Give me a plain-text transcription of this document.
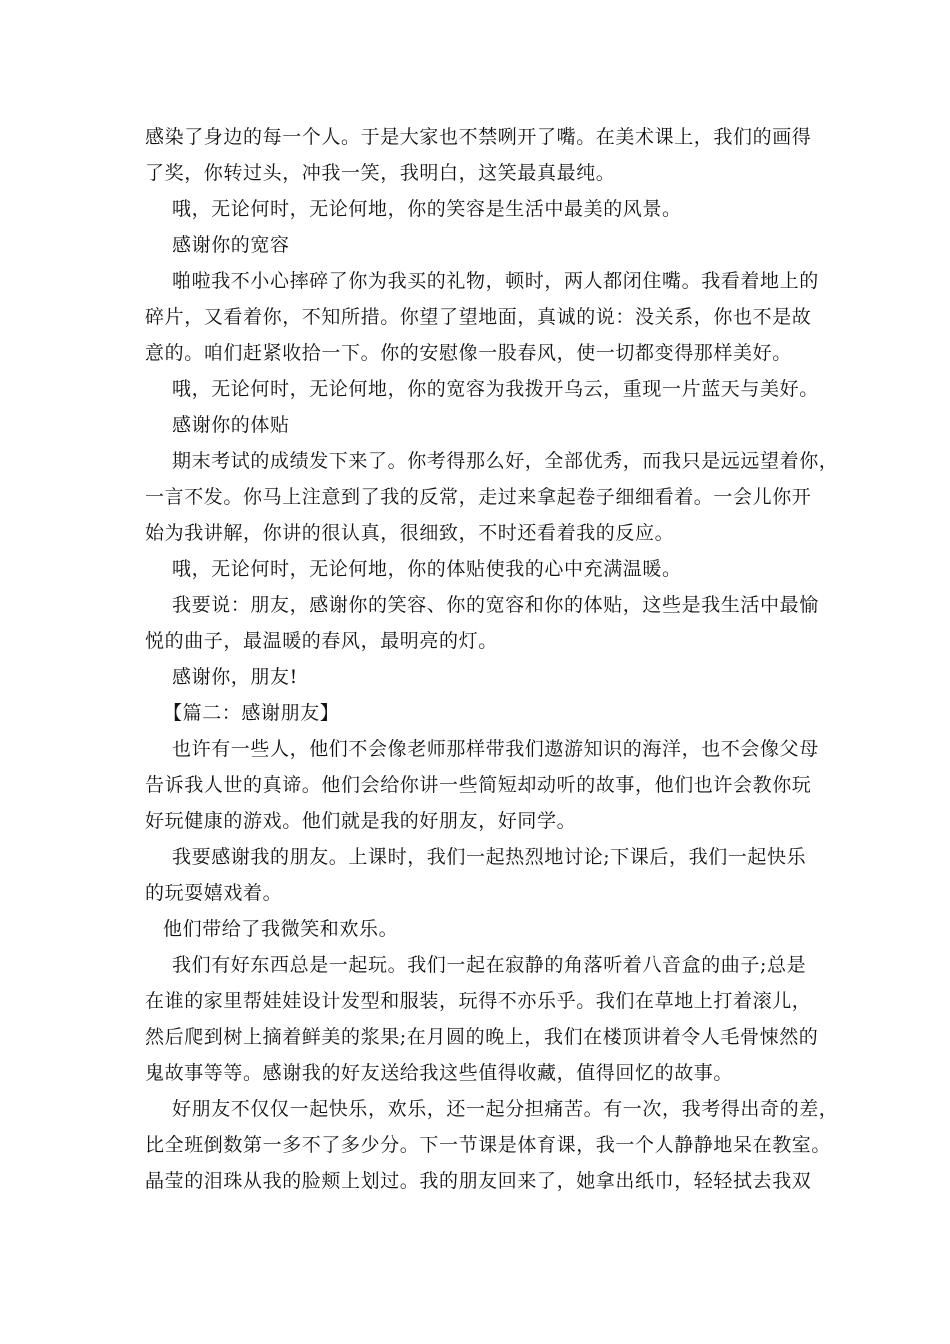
感染了身边的每一个人。于是大家也不禁咧开了嘴。在美术课上，我们的画得
了奖，你转过头，冲我一笑，我明白，这笑最真最纯。
哦，无论何时，无论何地，你的笑容是生活中最美的风景。
感谢你的宽容
啪啦我不小心摔碎了你为我买的礼物，顿时，两人都闭住嘴。我看着地上的
碎片，又看着你，不知所措。你望了望地面，真诚的说：没关系，你也不是故
意的。咱们赶紧收拾一下。你的安慰像一股春风，使一切都变得那样美好。
哦，无论何时，无论何地，你的宽容为我拨开乌云，重现一片蓝天与美好。
感谢你的体贴
期末考试的成绩发下来了。你考得那么好，全部优秀，而我只是远远望着你，
一言不发。你马上注意到了我的反常，走过来拿起卷子细细看着。一会儿你开
始为我讲解，你讲的很认真，很细致，不时还看着我的反应。
哦，无论何时，无论何地，你的体贴使我的心中充满温暖。
我要说：朋友，感谢你的笑容、你的宽容和你的体贴，这些是我生活中最愉
悦的曲子，最温暖的春风，最明亮的灯。
感谢你，朋友!
【篇二：感谢朋友】
也许有一些人，他们不会像老师那样带我们遨游知识的海洋，也不会像父母
告诉我人世的真谛。他们会给你讲一些简短却动听的故事，他们也许会教你玩
好玩健康的游戏。他们就是我的好朋友，好同学。
我要感谢我的朋友。上课时，我们一起热烈地讨论;下课后，我们一起快乐
的玩耍嬉戏着。
他们带给了我微笑和欢乐。
我们有好东西总是一起玩。我们一起在寂静的角落听着八音盒的曲子;总是
在谁的家里帮娃娃设计发型和服装，玩得不亦乐乎。我们在草地上打着滚儿，
然后爬到树上摘着鲜美的浆果;在月圆的晚上，我们在楼顶讲着令人毛骨悚然的
鬼故事等等。感谢我的好友送给我这些值得收藏，值得回忆的故事。
好朋友不仅仅一起快乐，欢乐，还一起分担痛苦。有一次，我考得出奇的差，
比全班倒数第一多不了多少分。下一节课是体育课，我一个人静静地呆在教室。
晶莹的泪珠从我的脸颊上划过。我的朋友回来了，她拿出纸巾，轻轻拭去我双
